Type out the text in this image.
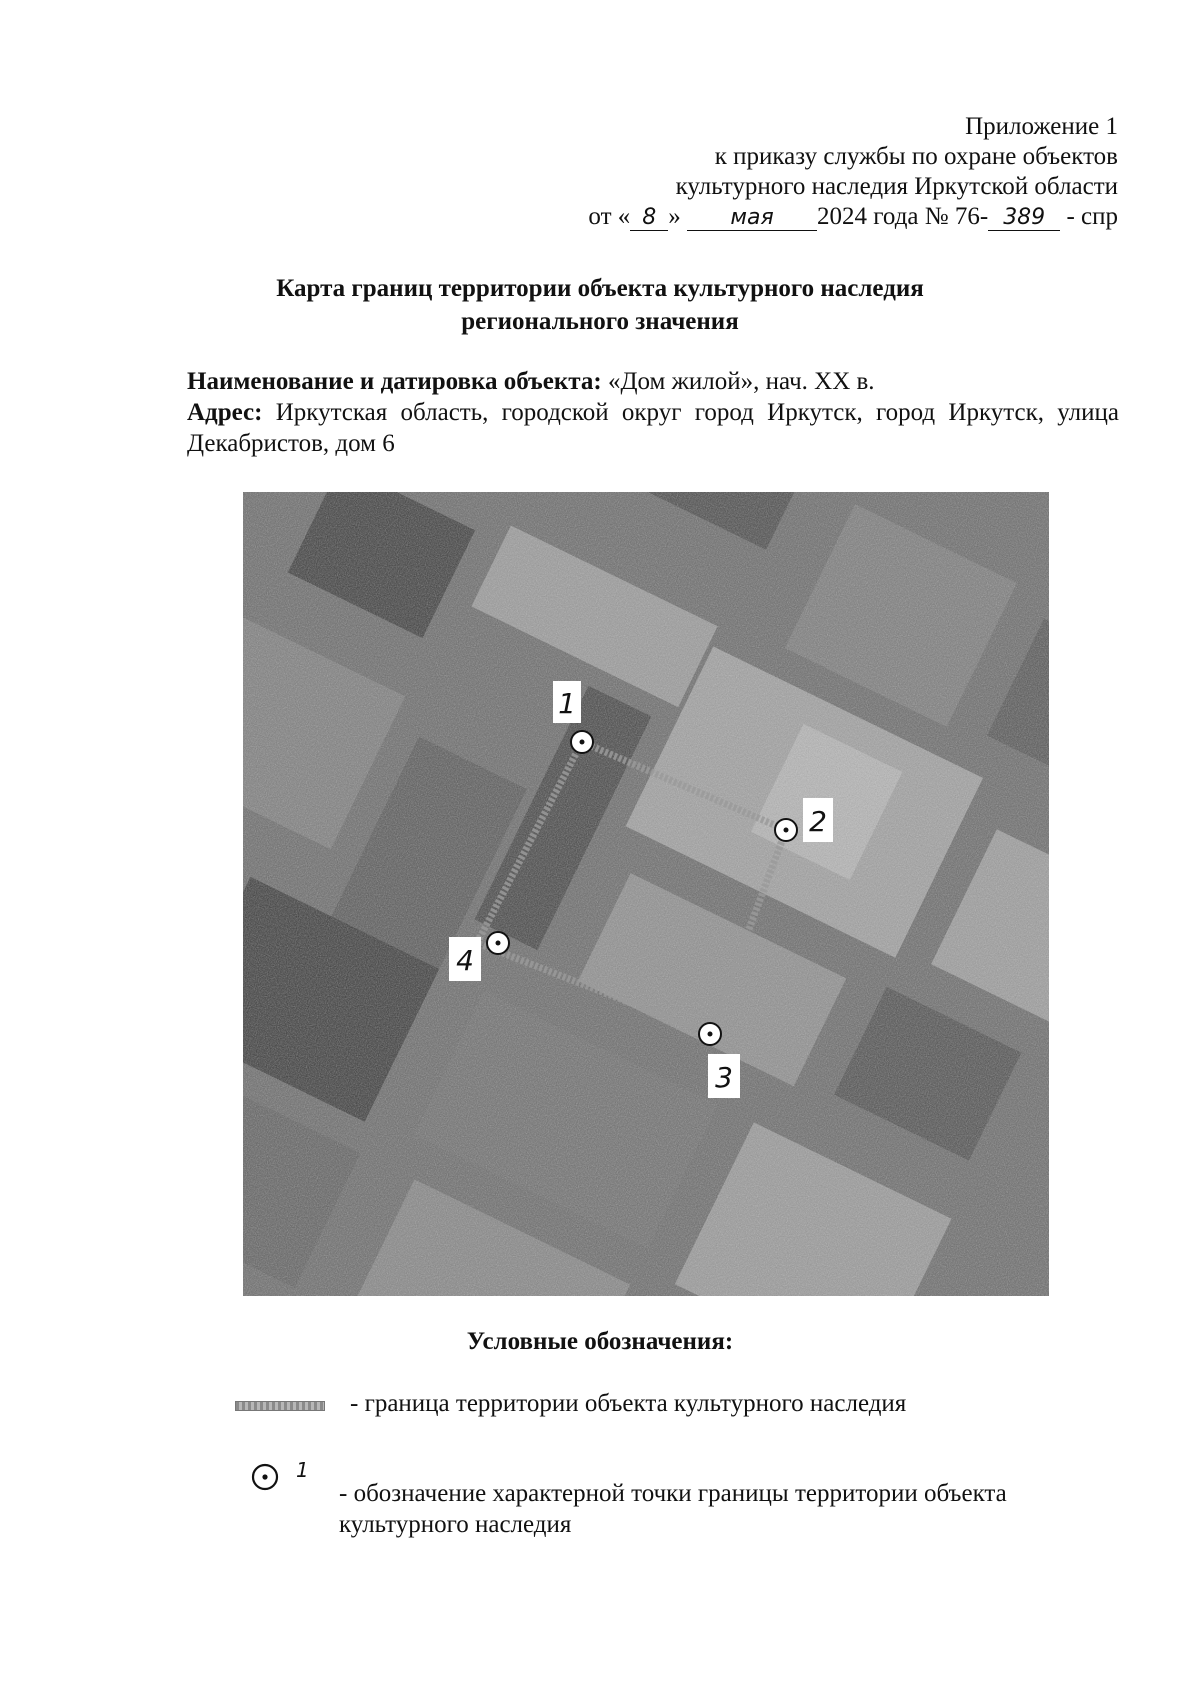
Приложение 1
к приказу службы по охране объектов
культурного наследия Иркутской области
от « 8 » мая 2024 года № 76- 389 - спр
Карта границ территории объекта культурного наследия
регионального значения

Наименование и датировка объекта: «Дом жилой», нач. XX в.

Адрес: Иркутская область, городской округ город Иркутск, город Иркутск, улица Декабристов, дом 6

1
2
3
4
Условные обозначения:
- граница территории объекта культурного наследия
1
- обозначение характерной точки границы территории объекта
культурного наследия
